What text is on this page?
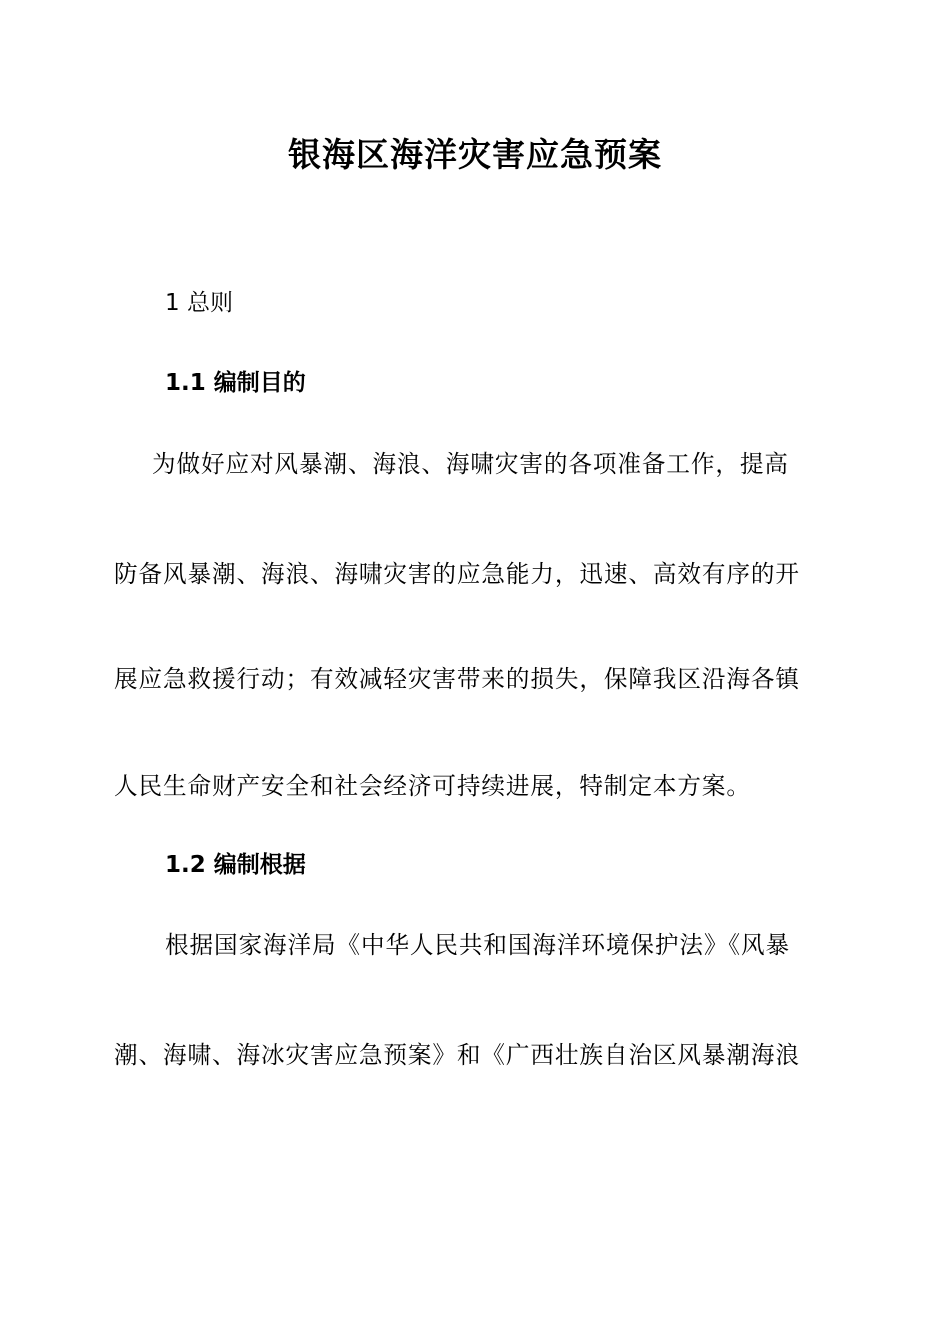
银海区海洋灾害应急预案
1 总则
1.1 编制目的
为做好应对风暴潮、海浪、海啸灾害的各项准备工作，提高
防备风暴潮、海浪、海啸灾害的应急能力，迅速、高效有序的开
展应急救援行动；有效减轻灾害带来的损失，保障我区沿海各镇
人民生命财产安全和社会经济可持续进展，特制定本方案。
1.2 编制根据
根据国家海洋局《中华人民共和国海洋环境保护法》《风暴
潮、海啸、海冰灾害应急预案》和《广西壮族自治区风暴潮海浪
